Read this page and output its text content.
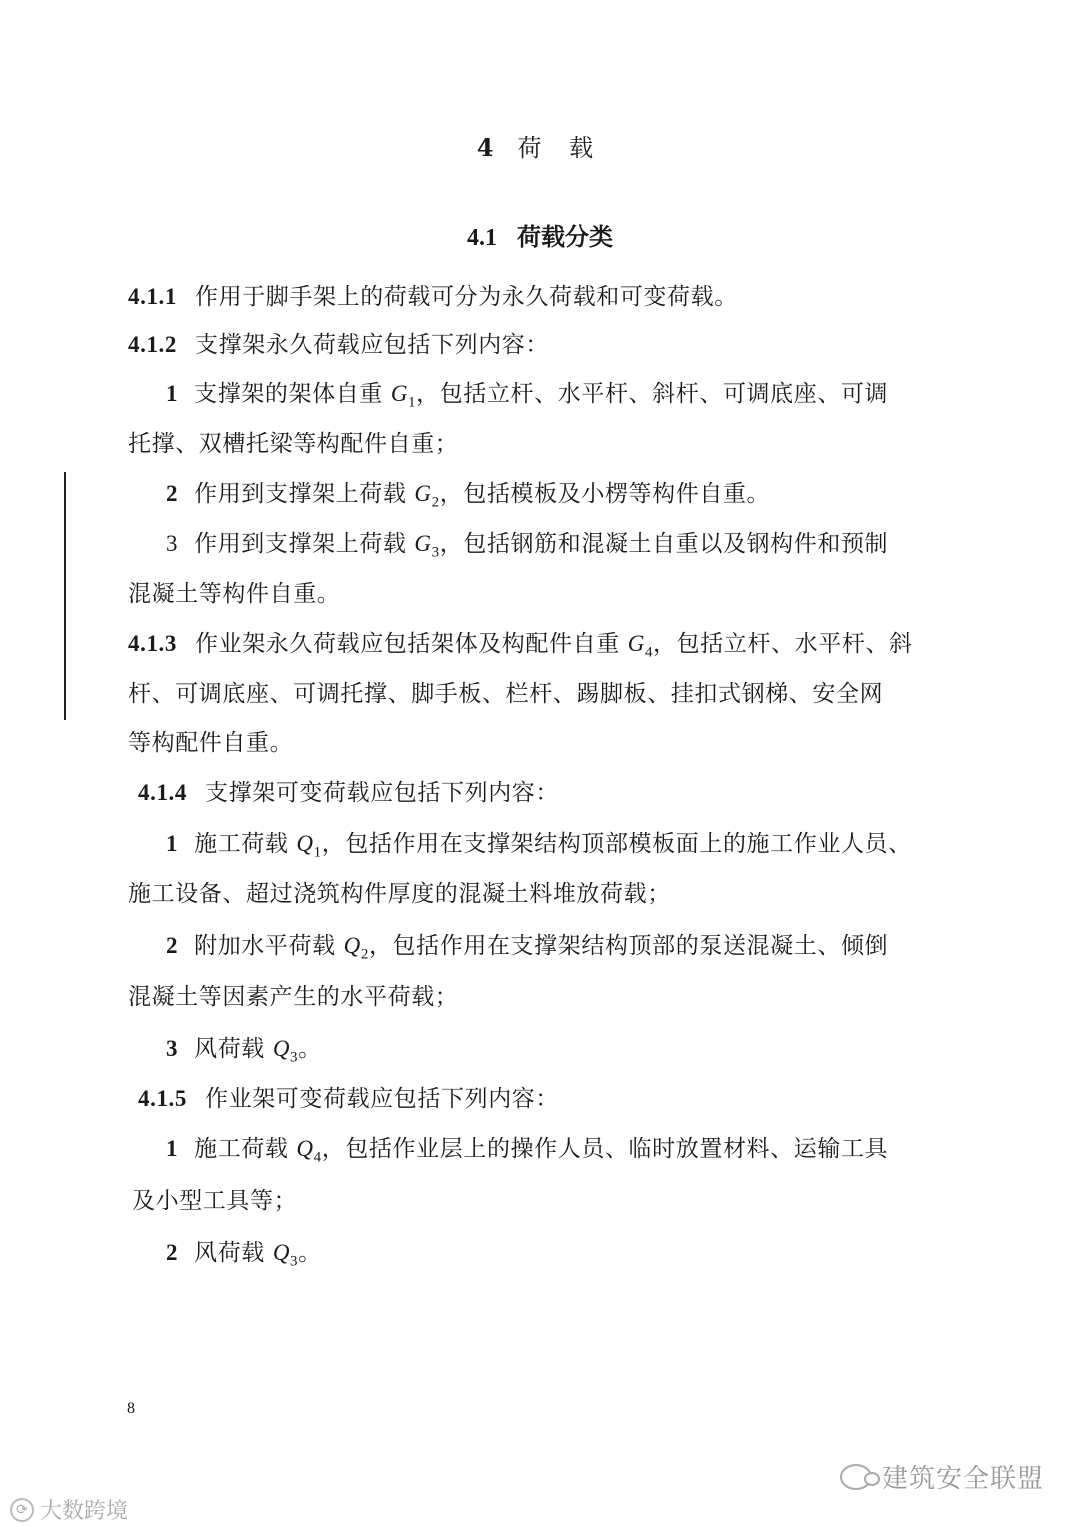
4 荷 载
4.1 荷载分类
4.1.1 作用于脚手架上的荷载可分为永久荷载和可变荷载。
4.1.2 支撑架永久荷载应包括下列内容：
1 支撑架的架体自重 $G_1$，包括立杆、水平杆、斜杆、可调底座、可调
托撑、双槽托梁等构配件自重；
2 作用到支撑架上荷载 $G_2$，包括模板及小楞等构件自重。
3 作用到支撑架上荷载 $G_3$，包括钢筋和混凝土自重以及钢构件和预制
混凝土等构件自重。
4.1.3 作业架永久荷载应包括架体及构配件自重 $G_4$，包括立杆、水平杆、斜
杆、可调底座、可调托撑、脚手板、栏杆、踢脚板、挂扣式钢梯、安全网
等构配件自重。
4.1.4 支撑架可变荷载应包括下列内容：
1 施工荷载 $Q_1$，包括作用在支撑架结构顶部模板面上的施工作业人员、
施工设备、超过浇筑构件厚度的混凝土料堆放荷载；
2 附加水平荷载 $Q_2$，包括作用在支撑架结构顶部的泵送混凝土、倾倒
混凝土等因素产生的水平荷载；
3 风荷载 $Q_3$。
4.1.5 作业架可变荷载应包括下列内容：
1 施工荷载 $Q_4$，包括作业层上的操作人员、临时放置材料、运输工具
及小型工具等；
2 风荷载 $Q_3$。
8
建筑安全联盟
⟳ 大数跨境
